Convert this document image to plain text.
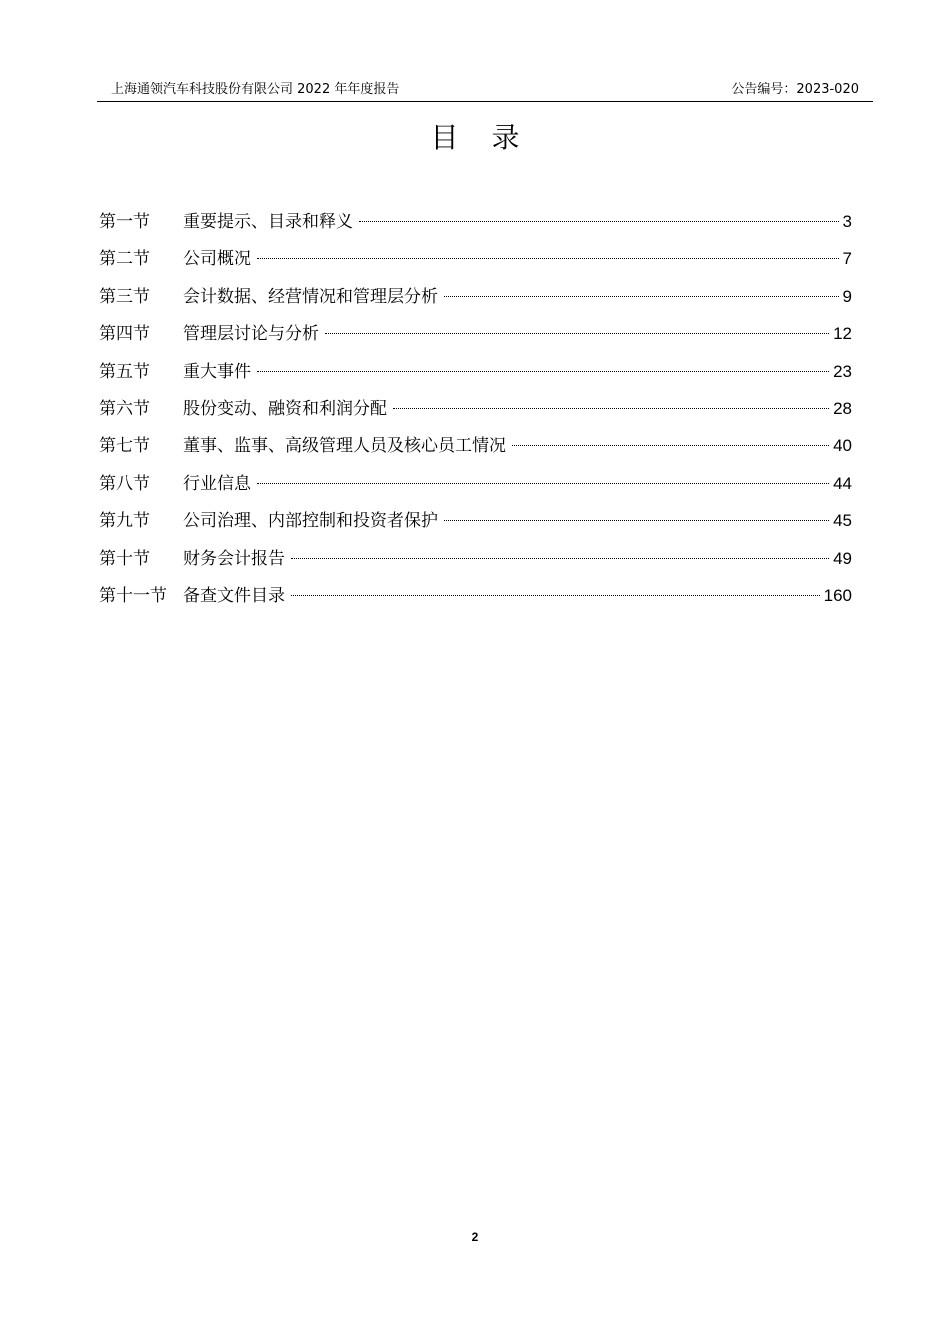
上海通领汽车科技股份有限公司 2022 年年度报告	公告编号：2023-020
目 录
第一节	重要提示、目录和释义	3
第二节	公司概况	7
第三节	会计数据、经营情况和管理层分析	9
第四节	管理层讨论与分析	12
第五节	重大事件	23
第六节	股份变动、融资和利润分配	28
第七节	董事、监事、高级管理人员及核心员工情况	40
第八节	行业信息	44
第九节	公司治理、内部控制和投资者保护	45
第十节	财务会计报告	49
第十一节 备查文件目录	160
2
